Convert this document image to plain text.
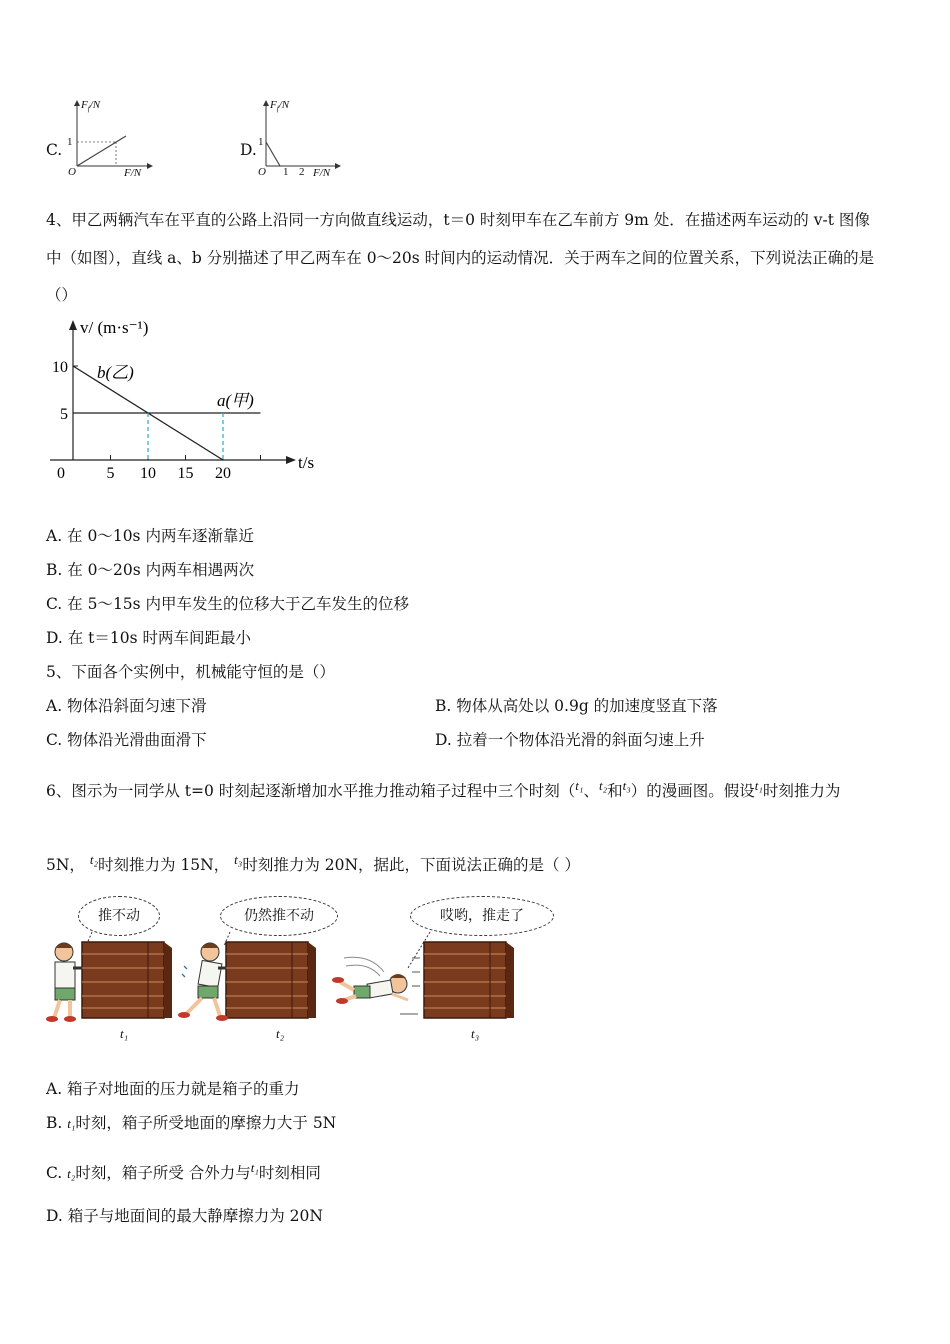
C.
$F_f/N$
1
O	F/N
D.
$F_f/N$
1
O 1 2 F/N
4、甲乙两辆汽车在平直的公路上沿同一方向做直线运动，t＝0 时刻甲车在乙车前方 9m 处．在描述两车运动的 v-t 图像
中（如图），直线 a、b 分别描述了甲乙两车在 0～20s 时间内的运动情况．关于两车之间的位置关系，下列说法正确的是
（）
v/ (m·s⁻¹)
t/s
0
b(乙)
a(甲)
5 10 15 20
5
10
A. 在 0～10s 内两车逐渐靠近
B. 在 0～20s 内两车相遇两次
C. 在 5～15s 内甲车发生的位移大于乙车发生的位移
D. 在 t＝10s 时两车间距最小
5、下面各个实例中，机械能守恒的是（）
A. 物体沿斜面匀速下滑	B. 物体从高处以 0.9g 的加速度竖直下落
C. 物体沿光滑曲面滑下	D. 拉着一个物体沿光滑的斜面匀速上升
6、图示为一同学从 t=0 时刻起逐渐增加水平推力推动箱子过程中三个时刻（$^{t_1}$、$^{t_2}$和$^{t_3}$）的漫画图。假设$^{t_1}$时刻推力为
5N， $^{t_2}$时刻推力为 15N， $^{t_3}$时刻推力为 20N，据此，下面说法正确的是（ ）
推不动	仍然推不动	哎哟，推走了
t₁	t₂	t₃
A. 箱子对地面的压力就是箱子的重力
B. t₁时刻，箱子所受地面的摩擦力大于 5N
C. t₂时刻，箱子所受 合外力与$^{t_1}$时刻相同
D. 箱子与地面间的最大静摩擦力为 20N
